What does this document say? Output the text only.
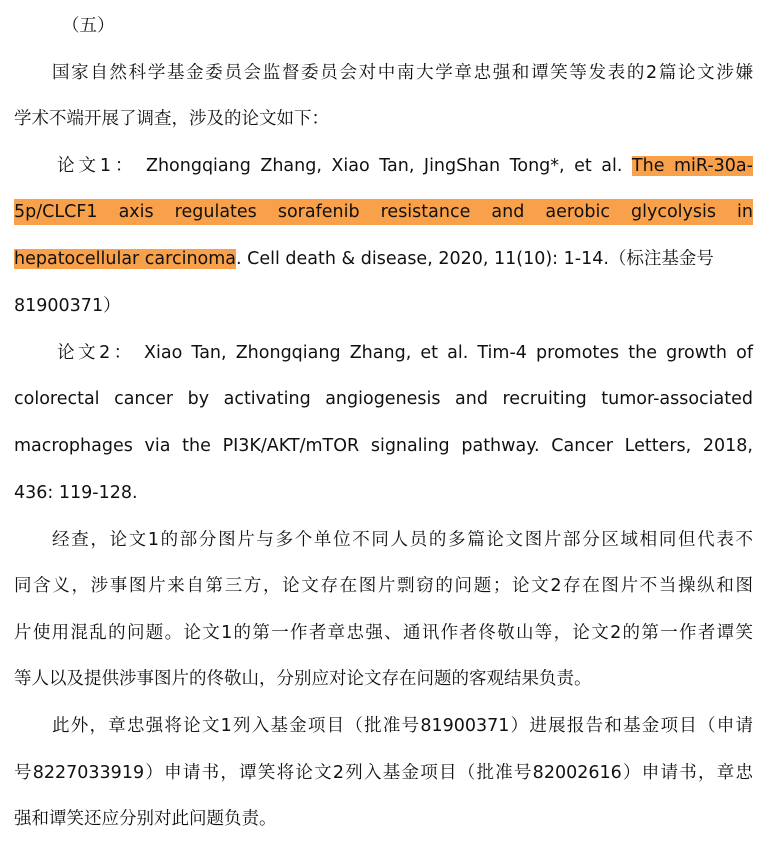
（五）
国家自然科学基金委员会监督委员会对中南大学章忠强和谭笑等发表的2篇论文涉嫌
学术不端开展了调查，涉及的论文如下：
论文1： Zhongqiang Zhang, Xiao Tan, JingShan Tong*, et al. The miR-30a-
5p/CLCF1 axis regulates sorafenib resistance and aerobic glycolysis in
hepatocellular carcinoma. Cell death & disease, 2020, 11(10): 1-14.（标注基金号
81900371）
论文2： Xiao Tan, Zhongqiang Zhang, et al. Tim-4 promotes the growth of
colorectal cancer by activating angiogenesis and recruiting tumor-associated
macrophages via the PI3K/AKT/mTOR signaling pathway. Cancer Letters, 2018,
436: 119-128.
经查，论文1的部分图片与多个单位不同人员的多篇论文图片部分区域相同但代表不
同含义，涉事图片来自第三方，论文存在图片剽窃的问题；论文2存在图片不当操纵和图
片使用混乱的问题。论文1的第一作者章忠强、通讯作者佟敬山等，论文2的第一作者谭笑
等人以及提供涉事图片的佟敬山，分别应对论文存在问题的客观结果负责。
此外，章忠强将论文1列入基金项目（批准号81900371）进展报告和基金项目（申请
号8227033919）申请书，谭笑将论文2列入基金项目（批准号82002616）申请书，章忠
强和谭笑还应分别对此问题负责。
